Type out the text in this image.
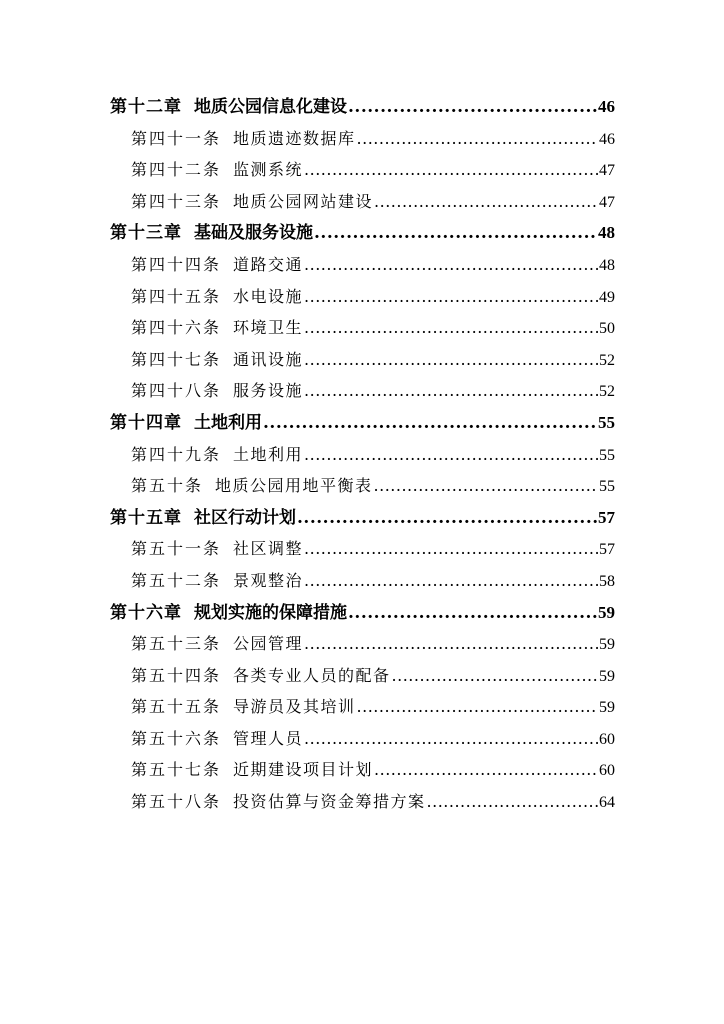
第十二章 地质公园信息化建设 .....	46
第四十一条 地质遗迹数据库 .....	46
第四十二条 监测系统 .....	47
第四十三条 地质公园网站建设 .....	47
第十三章 基础及服务设施 .....	48
第四十四条 道路交通 .....	48
第四十五条 水电设施 .....	49
第四十六条 环境卫生 .....	50
第四十七条 通讯设施 .....	52
第四十八条 服务设施 .....	52
第十四章 土地利用 .....	55
第四十九条 土地利用 .....	55
第五十条 地质公园用地平衡表 .....	55
第十五章 社区行动计划 .....	57
第五十一条 社区调整 .....	57
第五十二条 景观整治 .....	58
第十六章 规划实施的保障措施 .....	59
第五十三条 公园管理 .....	59
第五十四条 各类专业人员的配备 .....	59
第五十五条 导游员及其培训 .....	59
第五十六条 管理人员 .....	60
第五十七条 近期建设项目计划 .....	60
第五十八条 投资估算与资金筹措方案 .....	64
